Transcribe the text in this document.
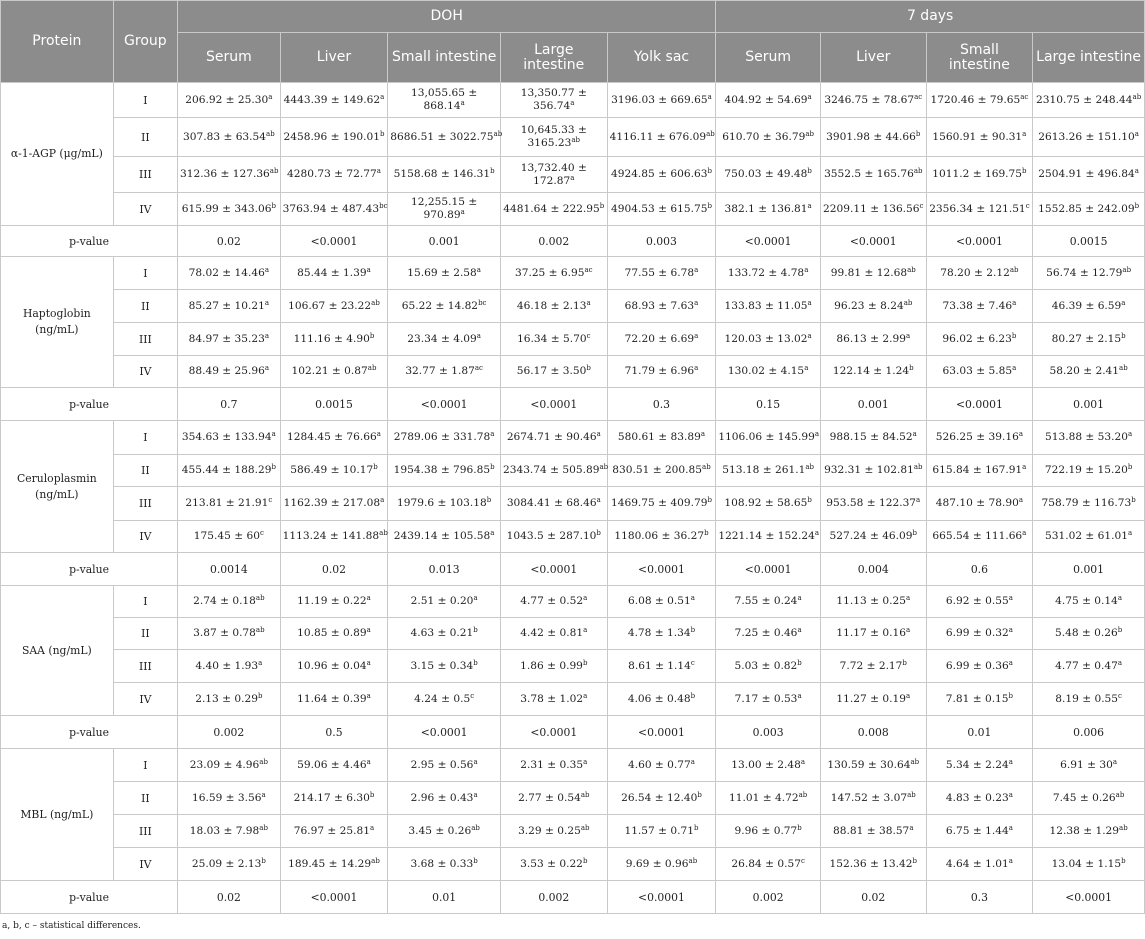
Protein	Group	DOH					7 days			
		Serum	Liver	Small intestine	Large intestine	Yolk sac	Serum	Liver	Small intestine	Large intestine
α-1-AGP (μg/mL)	I	206.92 ± 25.30$^a$	4443.39 ± 149.62$^a$	13,055.65 ± 868.14$^a$	13,350.77 ± 356.74$^a$	3196.03 ± 669.65$^a$	404.92 ± 54.69$^a$	3246.75 ± 78.67$^{ac}$	1720.46 ± 79.65$^{ac}$	2310.75 ± 248.44$^{ab}$
	II	307.83 ± 63.54$^{ab}$	2458.96 ± 190.01$^b$	8686.51 ± 3022.75$^{ab}$	10,645.33 ± 3165.23$^{ab}$	4116.11 ± 676.09$^{ab}$	610.70 ± 36.79$^{ab}$	3901.98 ± 44.66$^b$	1560.91 ± 90.31$^a$	2613.26 ± 151.10$^a$
	III	312.36 ± 127.36$^{ab}$	4280.73 ± 72.77$^a$	5158.68 ± 146.31$^b$	13,732.40 ± 172.87$^a$	4924.85 ± 606.63$^b$	750.03 ± 49.48$^b$	3552.5 ± 165.76$^{ab}$	1011.2 ± 169.75$^b$	2504.91 ± 496.84$^a$
	IV	615.99 ± 343.06$^b$	3763.94 ± 487.43$^{bc}$	12,255.15 ± 970.89$^a$	4481.64 ± 222.95$^b$	4904.53 ± 615.75$^b$	382.1 ± 136.81$^a$	2209.11 ± 136.56$^c$	2356.34 ± 121.51$^c$	1552.85 ± 242.09$^b$
p-value		0.02	<0.0001	0.001	0.002	0.003	<0.0001	<0.0001	<0.0001	0.0015
Haptoglobin (ng/mL)	I	78.02 ± 14.46$^a$	85.44 ± 1.39$^a$	15.69 ± 2.58$^a$	37.25 ± 6.95$^{ac}$	77.55 ± 6.78$^a$	133.72 ± 4.78$^a$	99.81 ± 12.68$^{ab}$	78.20 ± 2.12$^{ab}$	56.74 ± 12.79$^{ab}$
	II	85.27 ± 10.21$^a$	106.67 ± 23.22$^{ab}$	65.22 ± 14.82$^{bc}$	46.18 ± 2.13$^a$	68.93 ± 7.63$^a$	133.83 ± 11.05$^a$	96.23 ± 8.24$^{ab}$	73.38 ± 7.46$^a$	46.39 ± 6.59$^a$
	III	84.97 ± 35.23$^a$	111.16 ± 4.90$^b$	23.34 ± 4.09$^a$	16.34 ± 5.70$^c$	72.20 ± 6.69$^a$	120.03 ± 13.02$^a$	86.13 ± 2.99$^a$	96.02 ± 6.23$^b$	80.27 ± 2.15$^b$
	IV	88.49 ± 25.96$^a$	102.21 ± 0.87$^{ab}$	32.77 ± 1.87$^{ac}$	56.17 ± 3.50$^b$	71.79 ± 6.96$^a$	130.02 ± 4.15$^a$	122.14 ± 1.24$^b$	63.03 ± 5.85$^a$	58.20 ± 2.41$^{ab}$
p-value		0.7	0.0015	<0.0001	<0.0001	0.3	0.15	0.001	<0.0001	0.001
Ceruloplasmin (ng/mL)	I	354.63 ± 133.94$^a$	1284.45 ± 76.66$^a$	2789.06 ± 331.78$^a$	2674.71 ± 90.46$^a$	580.61 ± 83.89$^a$	1106.06 ± 145.99$^a$	988.15 ± 84.52$^a$	526.25 ± 39.16$^a$	513.88 ± 53.20$^a$
	II	455.44 ± 188.29$^b$	586.49 ± 10.17$^b$	1954.38 ± 796.85$^b$	2343.74 ± 505.89$^{ab}$	830.51 ± 200.85$^{ab}$	513.18 ± 261.1$^{ab}$	932.31 ± 102.81$^{ab}$	615.84 ± 167.91$^a$	722.19 ± 15.20$^b$
	III	213.81 ± 21.91$^c$	1162.39 ± 217.08$^a$	1979.6 ± 103.18$^b$	3084.41 ± 68.46$^a$	1469.75 ± 409.79$^b$	108.92 ± 58.65$^b$	953.58 ± 122.37$^a$	487.10 ± 78.90$^a$	758.79 ± 116.73$^b$
	IV	$175.45 \pm 60^c$	1113.24 ± 141.88$^{ab}$	2439.14 ± 105.58$^a$	1043.5 ± 287.10$^b$	1180.06 ± 36.27$^b$	1221.14 ± 152.24$^a$	527.24 ± 46.09$^b$	665.54 ± 111.66$^a$	531.02 ± 61.01$^a$
p-value		0.0014	0.02	0.013	<0.0001	<0.0001	<0.0001	0.004	0.6	0.001
SAA (ng/mL)	I	2.74 ± 0.18$^{ab}$	11.19 ± 0.22$^a$	2.51 ± 0.20$^a$	4.77 ± 0.52$^a$	6.08 ± 0.51$^a$	7.55 ± 0.24$^a$	11.13 ± 0.25$^a$	6.92 ± 0.55$^a$	4.75 ± 0.14$^a$
	II	3.87 ± 0.78$^{ab}$	10.85 ± 0.89$^a$	4.63 ± 0.21$^b$	4.42 ± 0.81$^a$	4.78 ± 1.34$^b$	7.25 ± 0.46$^a$	11.17 ± 0.16$^a$	6.99 ± 0.32$^a$	5.48 ± 0.26$^b$
	III	4.40 ± 1.93$^a$	10.96 ± 0.04$^a$	3.15 ± 0.34$^b$	1.86 ± 0.99$^b$	8.61 ± 1.14$^c$	5.03 ± 0.82$^b$	7.72 ± 2.17$^b$	6.99 ± 0.36$^a$	4.77 ± 0.47$^a$
	IV	2.13 ± 0.29$^b$	11.64 ± 0.39$^a$	4.24 ± 0.5$^c$	3.78 ± 1.02$^a$	4.06 ± 0.48$^b$	7.17 ± 0.53$^a$	11.27 ± 0.19$^a$	7.81 ± 0.15$^b$	8.19 ± 0.55$^c$
p-value		0.002	0.5	<0.0001	<0.0001	<0.0001	0.003	0.008	0.01	0.006
MBL (ng/mL)	I	23.09 ± 4.96$^{ab}$	59.06 ± 4.46$^a$	2.95 ± 0.56$^a$	2.31 ± 0.35$^a$	4.60 ± 0.77$^a$	13.00 ± 2.48$^a$	130.59 ± 30.64$^{ab}$	5.34 ± 2.24$^a$	$6.91 \pm 30^a$
	II	16.59 ± 3.56$^a$	214.17 ± 6.30$^b$	2.96 ± 0.43$^a$	2.77 ± 0.54$^{ab}$	26.54 ± 12.40$^b$	11.01 ± 4.72$^{ab}$	147.52 ± 3.07$^{ab}$	4.83 ± 0.23$^a$	7.45 ± 0.26$^{ab}$
	III	18.03 ± 7.98$^{ab}$	76.97 ± 25.81$^a$	3.45 ± 0.26$^{ab}$	3.29 ± 0.25$^{ab}$	11.57 ± 0.71$^b$	9.96 ± 0.77$^b$	88.81 ± 38.57$^a$	6.75 ± 1.44$^a$	12.38 ± 1.29$^{ab}$
	IV	25.09 ± 2.13$^b$	189.45 ± 14.29$^{ab}$	3.68 ± 0.33$^b$	3.53 ± 0.22$^b$	9.69 ± 0.96$^{ab}$	26.84 ± 0.57$^c$	152.36 ± 13.42$^b$	4.64 ± 1.01$^a$	13.04 ± 1.15$^b$
p-value		0.02	<0.0001	0.01	0.002	<0.0001	0.002	0.02	0.3	<0.0001
a, b, c – statistical differences.
